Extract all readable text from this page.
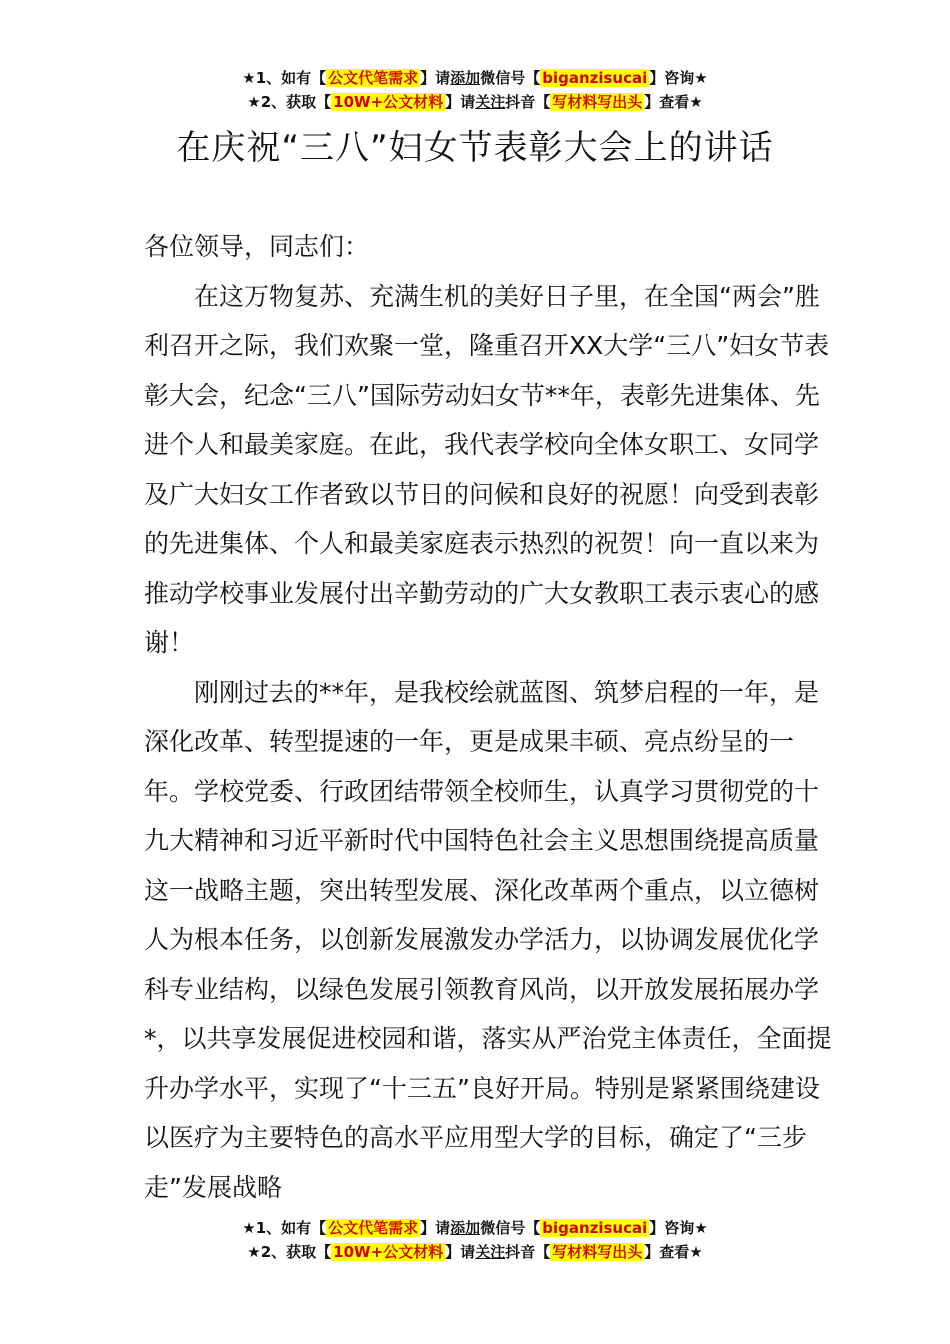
★1、如有【 公文代笔需求 】请添加微信号【 biganzisucai 】咨询★
★2、获取【 10W+公文材料 】请关注抖音【 写材料写出头 】查看★
在庆祝“三八”妇女节表彰大会上的讲话

各位领导，同志们：

在这万物复苏、充满生机的美好日子里，在全国“两会”胜利召开之际，我们欢聚一堂，隆重召开XX大学“三八”妇女节表彰大会，纪念“三八”国际劳动妇女节**年，表彰先进集体、先进个人和最美家庭。在此，我代表学校向全体女职工、女同学及广大妇女工作者致以节日的问候和良好的祝愿！向受到表彰的先进集体、个人和最美家庭表示热烈的祝贺！向一直以来为推动学校事业发展付出辛勤劳动的广大女教职工表示衷心的感谢！

刚刚过去的**年，是我校绘就蓝图、筑梦启程的一年，是深化改革、转型提速的一年，更是成果丰硕、亮点纷呈的一年。学校党委、行政团结带领全校师生，认真学习贯彻党的十九大精神和习近平新时代中国特色社会主义思想围绕提高质量这一战略主题，突出转型发展、深化改革两个重点，以立德树人为根本任务，以创新发展激发办学活力，以协调发展优化学科专业结构，以绿色发展引领教育风尚，以开放发展拓展办学*，以共享发展促进校园和谐，落实从严治党主体责任，全面提升办学水平，实现了“十三五”良好开局。特别是紧紧围绕建设以医疗为主要特色的高水平应用型大学的目标，确定了“三步走”发展战略

★1、如有【 公文代笔需求 】请添加微信号【 biganzisucai 】咨询★
★2、获取【 10W+公文材料 】请关注抖音【 写材料写出头 】查看★
